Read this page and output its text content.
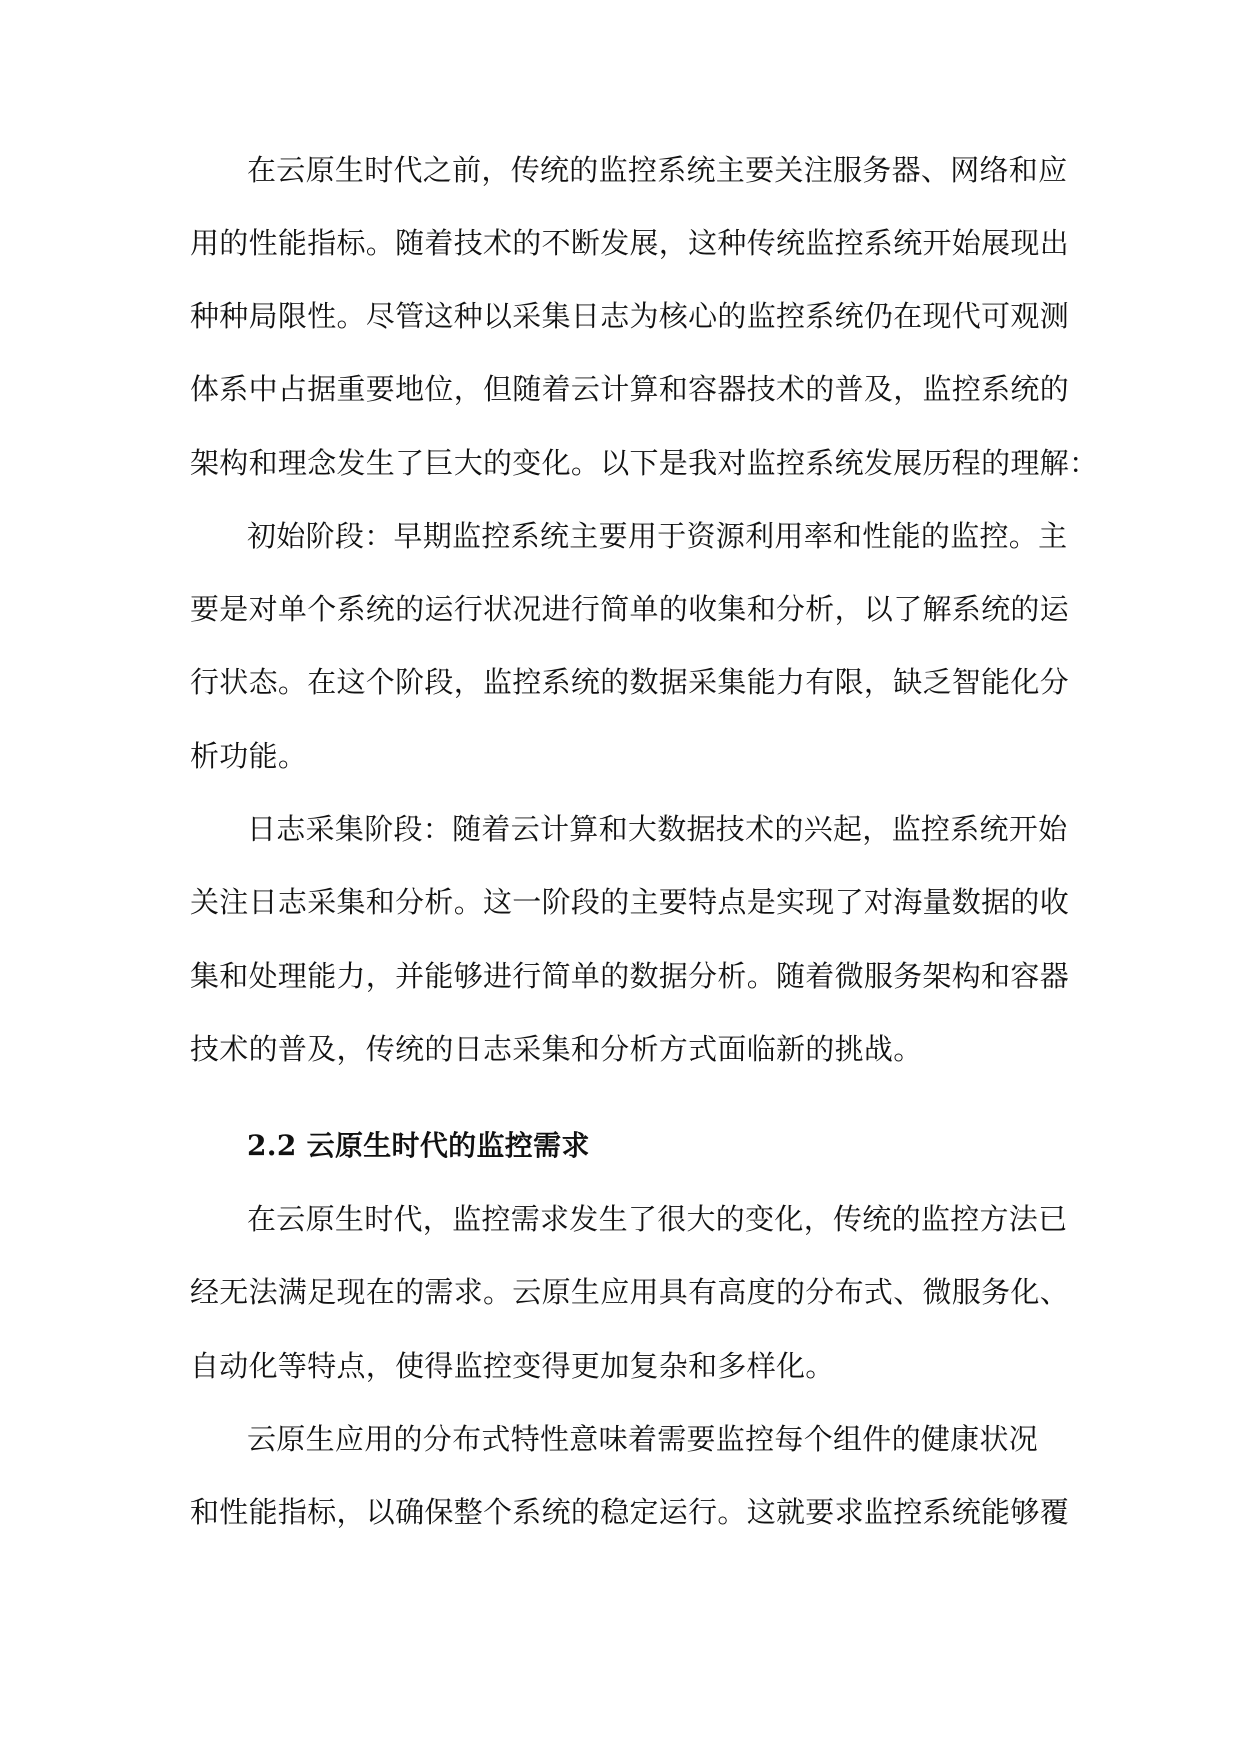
在云原生时代之前，传统的监控系统主要关注服务器、网络和应

用的性能指标。随着技术的不断发展，这种传统监控系统开始展现出

种种局限性。尽管这种以采集日志为核心的监控系统仍在现代可观测

体系中占据重要地位，但随着云计算和容器技术的普及，监控系统的

架构和理念发生了巨大的变化。以下是我对监控系统发展历程的理解：

初始阶段：早期监控系统主要用于资源利用率和性能的监控。主

要是对单个系统的运行状况进行简单的收集和分析，以了解系统的运

行状态。在这个阶段，监控系统的数据采集能力有限，缺乏智能化分

析功能。

日志采集阶段：随着云计算和大数据技术的兴起，监控系统开始

关注日志采集和分析。这一阶段的主要特点是实现了对海量数据的收

集和处理能力，并能够进行简单的数据分析。随着微服务架构和容器

技术的普及，传统的日志采集和分析方式面临新的挑战。

2.2 云原生时代的监控需求

在云原生时代，监控需求发生了很大的变化，传统的监控方法已

经无法满足现在的需求。云原生应用具有高度的分布式、微服务化、

自动化等特点，使得监控变得更加复杂和多样化。

云原生应用的分布式特性意味着需要监控每个组件的健康状况

和性能指标，以确保整个系统的稳定运行。这就要求监控系统能够覆
